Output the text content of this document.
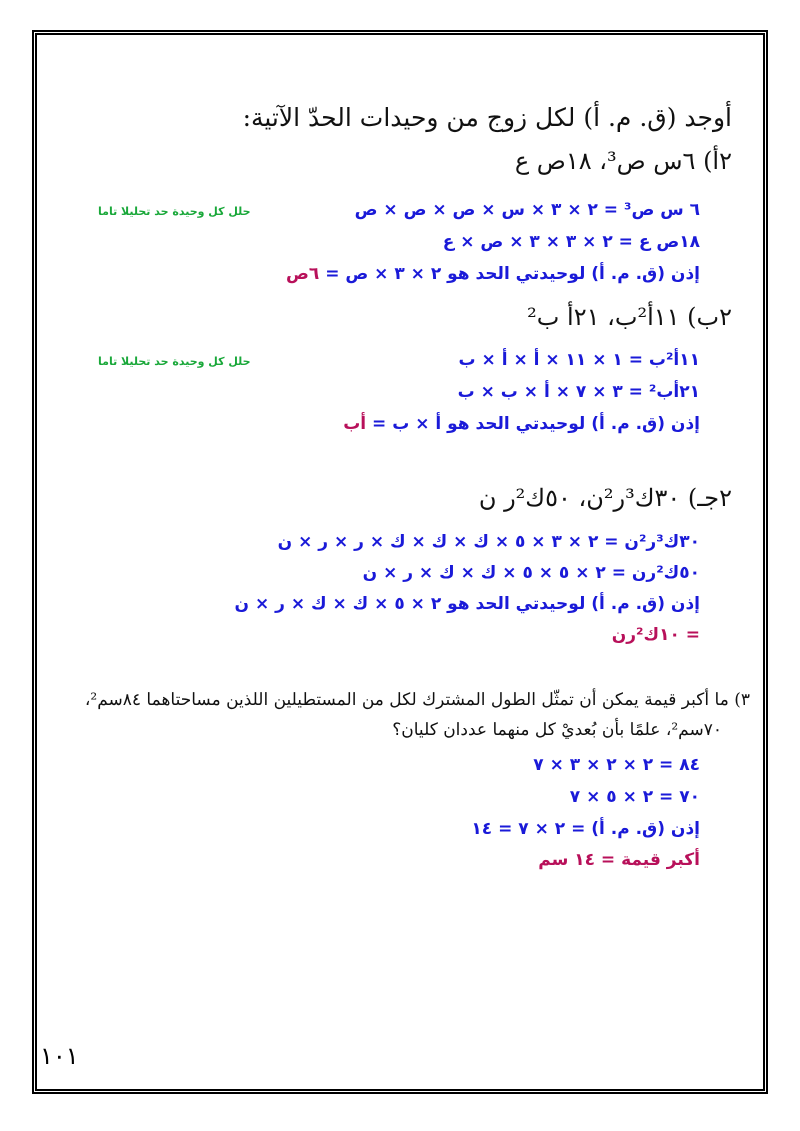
أوجد (ق. م. أ) لكل زوج من وحيدات الحدّ الآتية:
٢أ) ٦س ص³، ١٨ص ع
٦ س ص³ = ٢ × ٣ × س × ص × ص × ص
حلل كل وحيدة حد تحليلا تاما
١٨ص ع = ٢ × ٣ × ٣ × ص × ع
إذن (ق. م. أ) لوحيدتي الحد هو ٢ × ٣ × ص = ٦ص
٢ب) ١١أ²ب، ٢١أ ب²
١١أ²ب = ١ × ١١ × أ × أ × ب
حلل كل وحيدة حد تحليلا تاما
٢١أب² = ٣ × ٧ × أ × ب × ب
إذن (ق. م. أ) لوحيدتي الحد هو أ × ب = أب
٢جـ) ٣٠ك³ر²ن، ٥٠ك²ر ن
٣٠ك³ر²ن = ٢ × ٣ × ٥ × ك × ك × ك × ر × ر × ن
٥٠ك²رن = ٢ × ٥ × ٥ × ك × ك × ر × ن
إذن (ق. م. أ) لوحيدتي الحد هو ٢ × ٥ × ك × ك × ر × ن
= ١٠ك²رن
٣) ما أكبر قيمة يمكن أن تمثّل الطول المشترك لكل من المستطيلين اللذين مساحتاهما ٨٤سم²،
٧٠سم²، علمًا بأن بُعديْ كل منهما عددان كليان؟
٨٤ = ٢ × ٢ × ٣ × ٧
٧٠ = ٢ × ٥ × ٧
إذن (ق. م. أ) = ٢ × ٧ = ١٤
أكبر قيمة = ١٤ سم
١٠١
